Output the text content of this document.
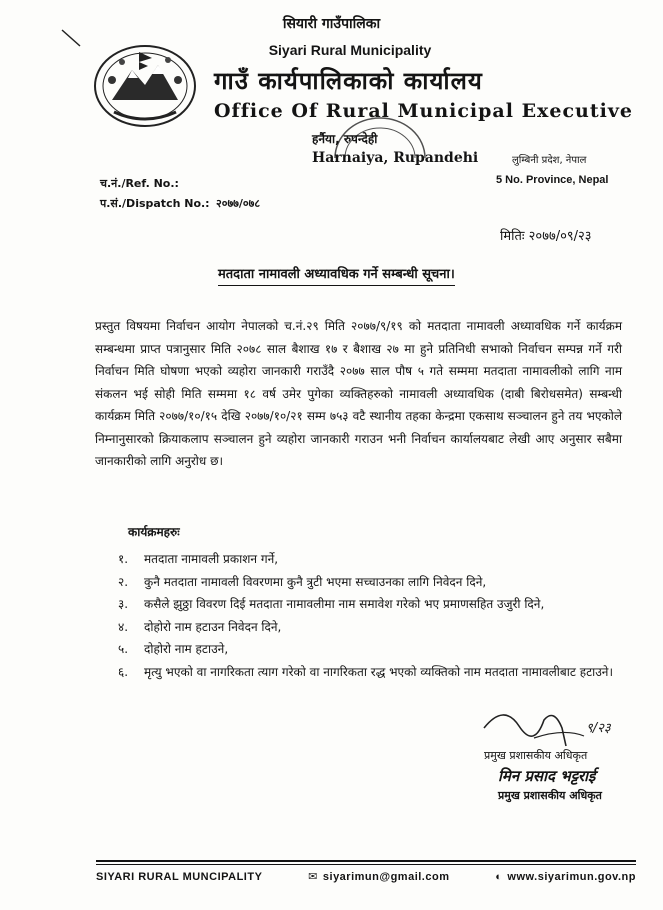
सियारी गाउँपालिका
Siyari Rural Municipality
गाउँ कार्यपालिकाको कार्यालय
Office Of Rural Municipal Executive
हर्नैया, रुपन्देही
Harnaiya, Rupandehi	लुम्बिनी प्रदेश, नेपाल
5 No. Province, Nepal
च.नं./Ref. No.:
प.सं./Dispatch No.: २०७७/०७८
मितिः २०७७/०९/२३
मतदाता नामावली अध्यावधिक गर्ने सम्बन्धी सूचना।
प्रस्तुत विषयमा निर्वाचन आयोग नेपालको च.नं.२९ मिति २०७७/९/१९ को मतदाता नामावली अध्यावधिक गर्ने कार्यक्रम सम्बन्धमा प्राप्त पत्रानुसार मिति २०७८ साल बैशाख १७ र बैशाख २७ मा हुने प्रतिनिधी सभाको निर्वाचन सम्पन्न गर्ने गरी निर्वाचन मिति घोषणा भएको व्यहोरा जानकारी गराउँदै २०७७ साल पौष ५ गते सम्ममा मतदाता नामावलीको लागि नाम संकलन भई सोही मिति सम्ममा १८ वर्ष उमेर पुगेका व्यक्तिहरुको नामावली अध्यावधिक (दाबी बिरोधसमेत) सम्बन्धी कार्यक्रम मिति २०७७/१०/१५ देखि २०७७/१०/२१ सम्म ७५३ वटै स्थानीय तहका केन्द्रमा एकसाथ सञ्चालन हुने तय भएकोले निम्नानुसारको क्रियाकलाप सञ्चालन हुने व्यहोरा जानकारी गराउन भनी निर्वाचन कार्यालयबाट लेखी आए अनुसार सबैमा जानकारीको लागि अनुरोध छ।
कार्यक्रमहरुः
१.	मतदाता नामावली प्रकाशन गर्ने,
२.	कुनै मतदाता नामावली विवरणमा कुनै त्रुटी भएमा सच्चाउनका लागि निवेदन दिने,
३.	कसैले झुठ्ठा विवरण दिई मतदाता नामावलीमा नाम समावेश गरेको भए प्रमाणसहित उजुरी दिने,
४.	दोहोरो नाम हटाउन निवेदन दिने,
५.	दोहोरो नाम हटाउने,
६.	मृत्यु भएको वा नागरिकता त्याग गरेको वा नागरिकता रद्ध भएको व्यक्तिको नाम मतदाता नामावलीबाट हटाउने।
९/२३
प्रमुख प्रशासकीय अधिकृत
मिन प्रसाद भट्टराई
प्रमुख प्रशासकीय अधिकृत
SIYARI RURAL MUNCIPALITY	✉ siyarimun@gmail.com	◐ www.siyarimun.gov.np
